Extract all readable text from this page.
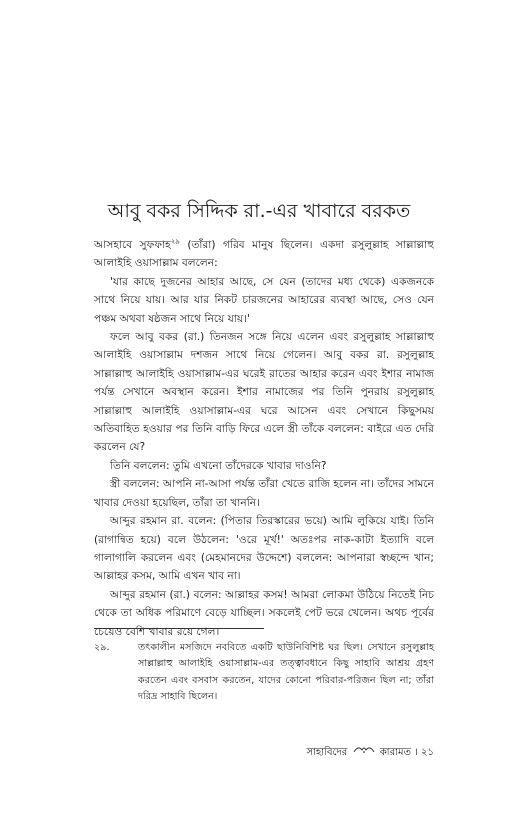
আবু বকর সিদ্দিক রা.-এর খাবারে বরকত

আসহাবে সুফফাহ$^{২৯}$ (তাঁরা) গরিব মানুষ ছিলেন। একদা রসুলুল্লাহ সাল্লাল্লাহু আলাইহি ওয়াসাল্লাম বললেন:

'যার কাছে দুজনের আহার আছে, সে যেন (তাদের মধ্য থেকে) একজনকে সাথে নিয়ে যায়। আর যার নিকট চারজনের আহারের ব্যবস্থা আছে, সেও যেন পঞ্চম অথবা ষষ্ঠজন সাথে নিয়ে যায়।'

ফলে আবু বকর (রা.) তিনজন সঙ্গে নিয়ে এলেন এবং রসুলুল্লাহ সাল্লাল্লাহু আলাইহি ওয়াসাল্লাম দশজন সাথে নিয়ে গেলেন। আবু বকর রা. রসুলুল্লাহ সাল্লাল্লাহু আলাইহি ওয়াসাল্লাম-এর ঘরেই রাতের আহার করেন এবং ইশার নামাজ পর্যন্ত সেখানে অবস্থান করেন। ইশার নামাজের পর তিনি পুনরায় রসুলুল্লাহ সাল্লাল্লাহু আলাইহি ওয়াসাল্লাম-এর ঘরে আসেন এবং সেখানে কিছুসময় অতিবাহিত হওয়ার পর তিনি বাড়ি ফিরে এলে স্ত্রী তাঁকে বললেন: বাইরে এত দেরি করলেন যে?

তিনি বললেন: তুমি এখনো তাঁদেরকে খাবার দাওনি?

স্ত্রী বললেন: আপনি না-আসা পর্যন্ত তাঁরা খেতে রাজি হলেন না। তাঁদের সামনে খাবার দেওয়া হয়েছিল, তাঁরা তা খাননি।

আব্দুর রহমান রা. বলেন: (পিতার তিরস্কারের ভয়ে) আমি লুকিয়ে যাই। তিনি (রাগান্বিত হয়ে) বলে উঠলেন: 'ওরে মূর্খ!' অতঃপর নাক-কাটা ইত্যাদি বলে গালাগালি করলেন এবং (মেহমানদের উদ্দেশে) বললেন: আপনারা স্বচ্ছন্দে খান; আল্লাহর কসম, আমি এখন খাব না।

আব্দুর রহমান (রা.) বলেন: আল্লাহর কসম! আমরা লোকমা উঠিয়ে নিতেই নিচ থেকে তা অধিক পরিমাণে বেড়ে যাচ্ছিল। সকলেই পেট ভরে খেলেন। অথচ পূর্বের চেয়েও বেশি খাবার রয়ে গেল।

২৯.	তৎকালীন মসজিদে নববিতে একটি ছাউনিবিশিষ্ট ঘর ছিল। সেখানে রসুলুল্লাহ সাল্লাল্লাহু আলাইহি ওয়াসাল্লাম-এর তত্ত্বাবধানে কিছু সাহাবি আশ্রয় গ্রহণ করতেন এবং বসবাস করতেন, যাদের কোনো পরিবার-পরিজন ছিল না; তাঁরা দরিদ্র সাহাবি ছিলেন।
সাহাবিদের	কারামত । ২১
